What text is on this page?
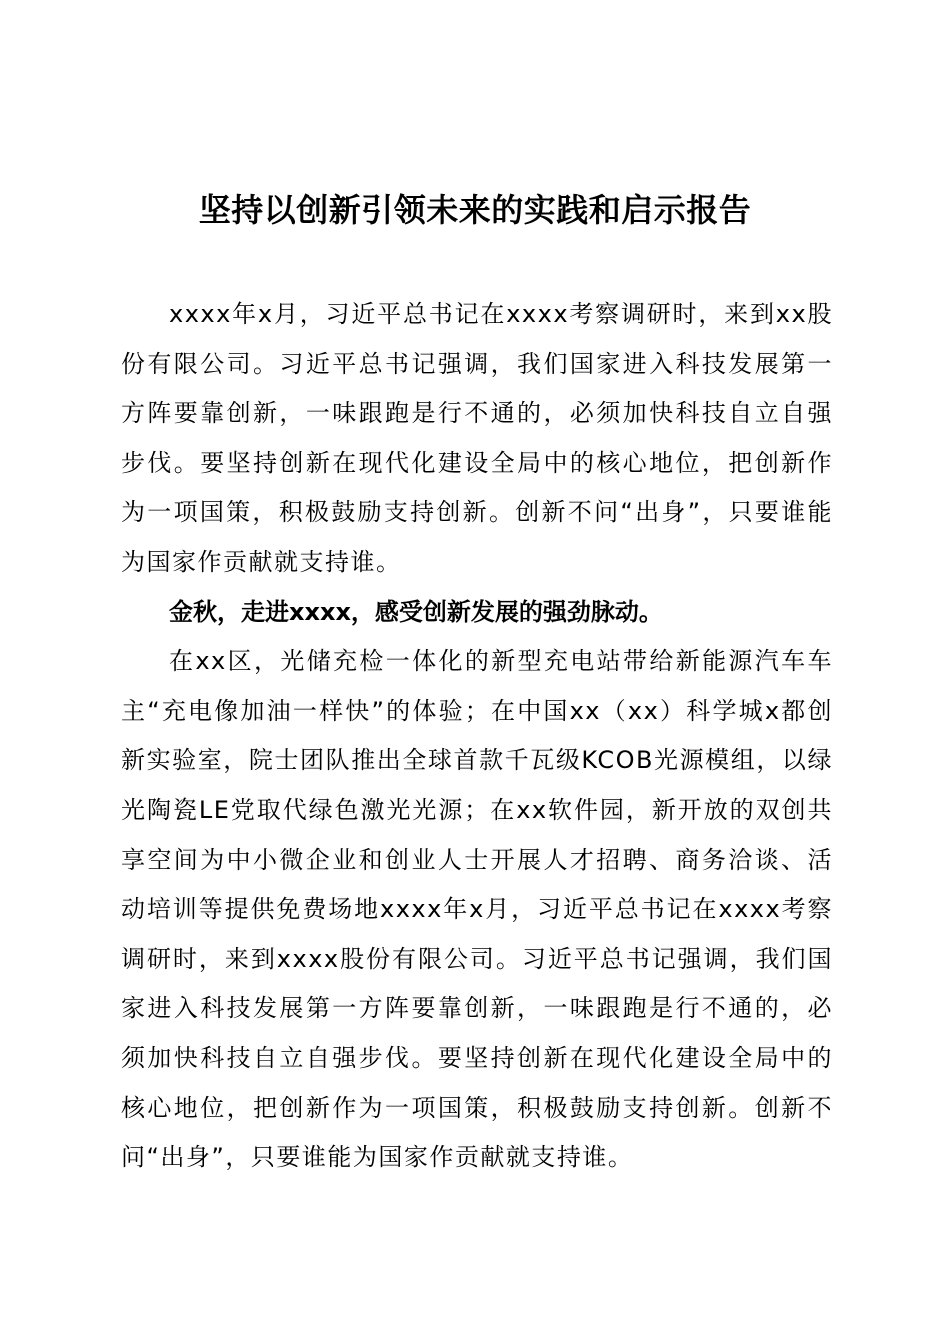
坚持以创新引领未来的实践和启示报告

xxxx年x月，习近平总书记在xxxx考察调研时，来到xx股份有限公司。习近平总书记强调，我们国家进入科技发展第一方阵要靠创新，一味跟跑是行不通的，必须加快科技自立自强步伐。要坚持创新在现代化建设全局中的核心地位，把创新作为一项国策，积极鼓励支持创新。创新不问“出身”，只要谁能为国家作贡献就支持谁。

金秋，走进xxxx，感受创新发展的强劲脉动。

在xx区，光储充检一体化的新型充电站带给新能源汽车车主“充电像加油一样快”的体验；在中国xx（xx）科学城x都创新实验室，院士团队推出全球首款千瓦级KCOB光源模组，以绿光陶瓷LE党取代绿色激光光源；在xx软件园，新开放的双创共享空间为中小微企业和创业人士开展人才招聘、商务洽谈、活动培训等提供免费场地xxxx年x月，习近平总书记在xxxx考察调研时，来到xxxx股份有限公司。习近平总书记强调，我们国家进入科技发展第一方阵要靠创新，一味跟跑是行不通的，必须加快科技自立自强步伐。要坚持创新在现代化建设全局中的核心地位，把创新作为一项国策，积极鼓励支持创新。创新不问“出身”，只要谁能为国家作贡献就支持谁。
